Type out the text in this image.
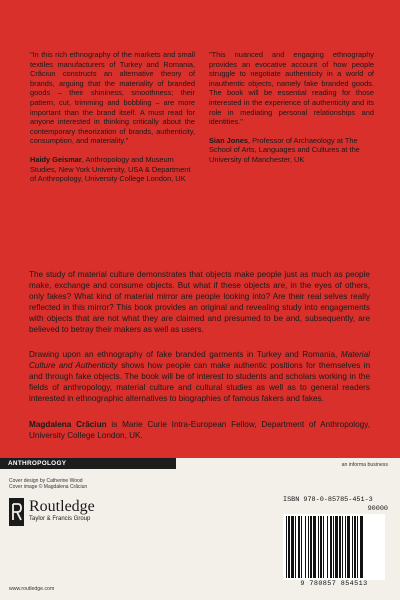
"In this rich ethnography of the markets and small textiles manufacturers of Turkey and Romania, Crăciun constructs an alternative theory of brands, arguing that the materiality of branded goods – their shininess, smoothness; their pattern, cut, trimming and bobbling – are more important than the brand itself. A must read for anyone interested in thinking critically about the contemporary theorization of brands, authenticity, consumption, and materiality."

Haidy Geismar, Anthropology and Museum Studies, New York University, USA & Department of Anthropology, University College London, UK

"This nuanced and engaging ethnography provides an evocative account of how people struggle to negotiate authenticity in a world of inauthentic objects, namely fake branded goods. The book will be essential reading for those interested in the experience of authenticity and its role in mediating personal relationships and identities."

Sian Jones, Professor of Archaeology at The School of Arts, Languages and Cultures at the University of Manchester, UK

The study of material culture demonstrates that objects make people just as much as people make, exchange and consume objects. But what if these objects are, in the eyes of others, only fakes? What kind of material mirror are people looking into? Are their real selves really reflected in this mirror? This book provides an original and revealing study into engagements with objects that are not what they are claimed and presumed to be and, subsequently, are believed to betray their makers as well as users.

Drawing upon an ethnography of fake branded garments in Turkey and Romania, Material Culture and Authenticity shows how people can make authentic positions for themselves in and through fake objects. The book will be of interest to students and scholars working in the fields of anthropology, material culture and cultural studies as well as to general readers interested in ethnographic alternatives to biographies of famous fakers and fakes.

Magdalena Crăciun is Marie Curie Intra-European Fellow, Department of Anthropology, University College London, UK.

ANTHROPOLOGY
Cover design by Catherine Wood
Cover image © Magdalena Crăciun
Routledge
Taylor & Francis Group
www.routledge.com
an informa business
ISBN 978-0-85785-451-3
90000
9 780857 854513
